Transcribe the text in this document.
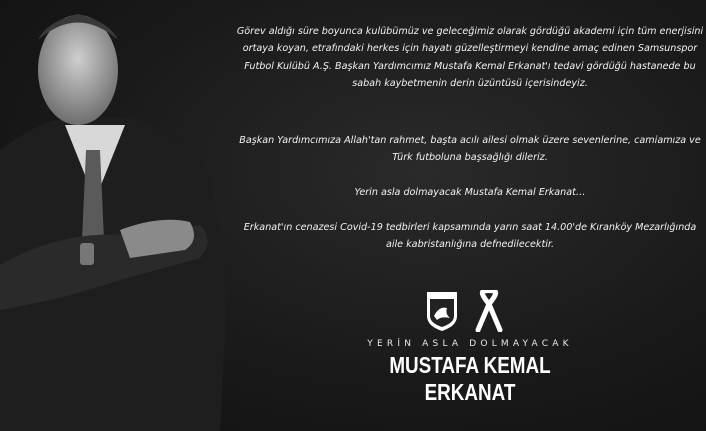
Görev aldığı süre boyunca kulübümüz ve geleceğimiz olarak gördüğü akademi için tüm enerjisini ortaya koyan, etrafındaki herkes için hayatı güzelleştirmeyi kendine amaç edinen Samsunspor Futbol Kulübü A.Ş. Başkan Yardımcımız Mustafa Kemal Erkanat'ı tedavi gördüğü hastanede bu sabah kaybetmenin derin üzüntüsü içerisindeyiz.

Başkan Yardımcımıza Allah'tan rahmet, başta acılı ailesi olmak üzere sevenlerine, camiamıza ve Türk futboluna başsağlığı dileriz.

Yerin asla dolmayacak Mustafa Kemal Erkanat…

Erkanat'ın cenazesi Covid-19 tedbirleri kapsamında yarın saat 14.00'de Kıranköy Mezarlığında aile kabristanlığına defnedilecektir.

YERİN ASLA DOLMAYACAK
MUSTAFA KEMAL ERKANAT
